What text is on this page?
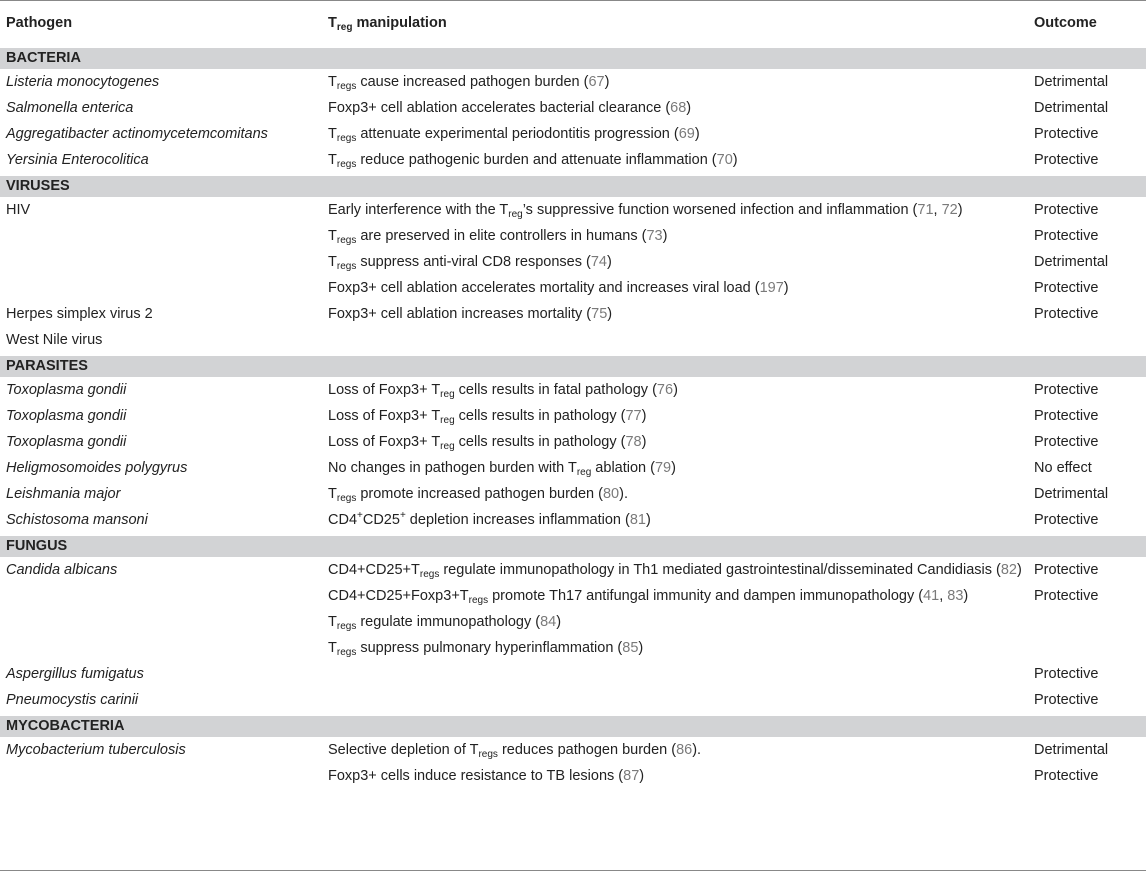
Pathogen	$T_{reg}$ manipulation	Outcome
BACTERIA		
Listeria monocytogenes	$T_{regs}$ cause increased pathogen burden (67)	Detrimental
Salmonella enterica	Foxp3+ cell ablation accelerates bacterial clearance (68)	Detrimental
Aggregatibacter actinomycetemcomitans	$T_{regs}$ attenuate experimental periodontitis progression (69)	Protective
Yersinia Enterocolitica	$T_{regs}$ reduce pathogenic burden and attenuate inflammation (70)	Protective
VIRUSES		
HIV	Early interference with the $T_{reg}’s$ suppressive function worsened infection and inflammation (71, 72)	Protective
	$T_{regs}$ are preserved in elite controllers in humans (73)	Protective
	$T_{regs}$ suppress anti-viral CD8 responses (74)	Detrimental
	Foxp3+ cell ablation accelerates mortality and increases viral load (197)	Protective
Herpes simplex virus 2	Foxp3+ cell ablation increases mortality (75)	Protective
West Nile virus		
PARASITES		
Toxoplasma gondii	Loss of Foxp3+ $T_{reg}$ cells results in fatal pathology (76)	Protective
Toxoplasma gondii	Loss of Foxp3+ $T_{reg}$ cells results in pathology (77)	Protective
Toxoplasma gondii	Loss of Foxp3+ $T_{reg}$ cells results in pathology (78)	Protective
Heligmosomoides polygyrus	No changes in pathogen burden with $T_{reg}$ ablation (79)	No effect
Leishmania major	$T_{regs}$ promote increased pathogen burden (80).	Detrimental
Schistosoma mansoni	CD4+CD25+ depletion increases inflammation (81)	Protective
FUNGUS		
Candida albicans	$CD4+CD25+T_{regs}$ regulate immunopathology in Th1 mediated gastrointestinal/disseminated Candidiasis (82)	Protective
	$CD4+CD25+Foxp3+T_{regs}$ promote Th17 antifungal immunity and dampen immunopathology (41, 83)	Protective
	$T_{regs}$ regulate immunopathology (84)	
	$T_{regs}$ suppress pulmonary hyperinflammation (85)	
Aspergillus fumigatus		Protective
Pneumocystis carinii		Protective
MYCOBACTERIA		
Mycobacterium tuberculosis	Selective depletion of $T_{regs}$ reduces pathogen burden (86).	Detrimental
	Foxp3+ cells induce resistance to TB lesions (87)	Protective
